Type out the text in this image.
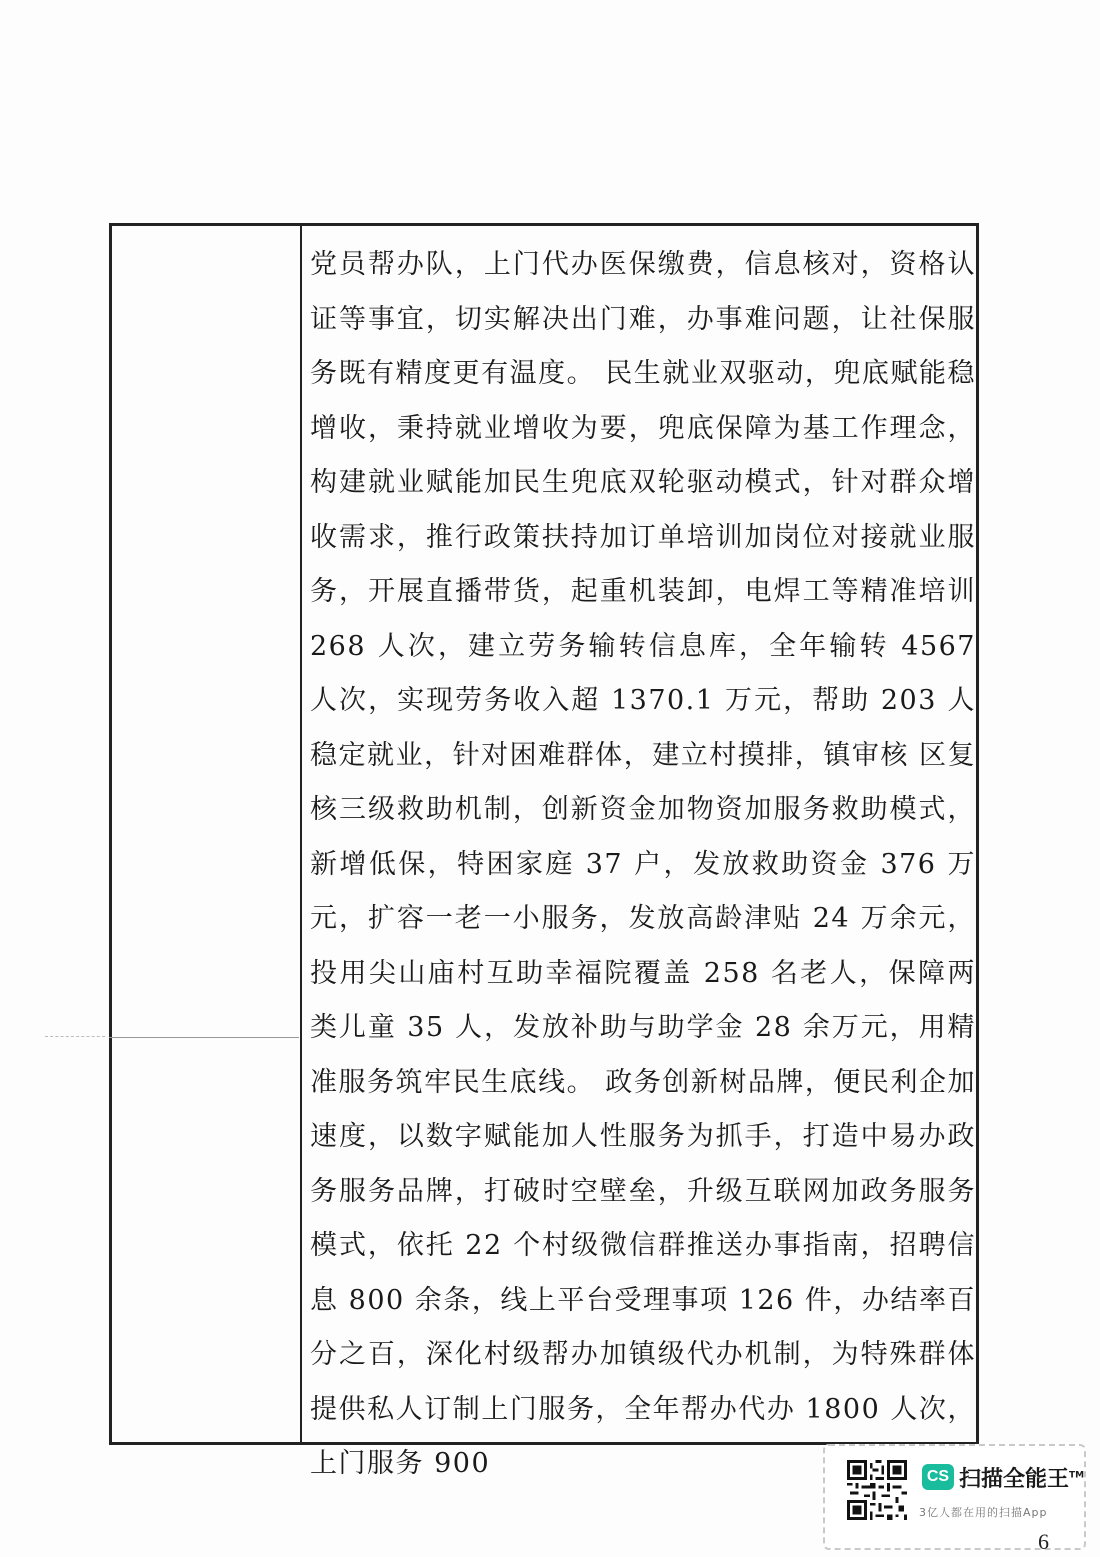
党员帮办队，上门代办医保缴费，信息核对，资格认证等事宜，切实解决出门难，办事难问题，让社保服务既有精度更有温度。 民生就业双驱动，兜底赋能稳增收，秉持就业增收为要，兜底保障为基工作理念，构建就业赋能加民生兜底双轮驱动模式，针对群众增收需求，推行政策扶持加订单培训加岗位对接就业服务，开展直播带货，起重机装卸，电焊工等精准培训 268 人次，建立劳务输转信息库，全年输转 4567 人次，实现劳务收入超 1370.1 万元，帮助 203 人稳定就业，针对困难群体，建立村摸排，镇审核 区复核三级救助机制，创新资金加物资加服务救助模式，新增低保，特困家庭 37 户，发放救助资金 376 万元，扩容一老一小服务，发放高龄津贴 24 万余元，投用尖山庙村互助幸福院覆盖 258 名老人，保障两类儿童 35 人，发放补助与助学金 28 余万元，用精准服务筑牢民生底线。 政务创新树品牌，便民利企加速度，以数字赋能加人性服务为抓手，打造中易办政务服务品牌，打破时空壁垒，升级互联网加政务服务模式，依托 22 个村级微信群推送办事指南，招聘信息 800 余条，线上平台受理事项 126 件，办结率百分之百，深化村级帮办加镇级代办机制，为特殊群体提供私人订制上门服务，全年帮办代办 1800 人次，上门服务 900	CS 扫描全能王™
3亿人都在用的扫描App
6
